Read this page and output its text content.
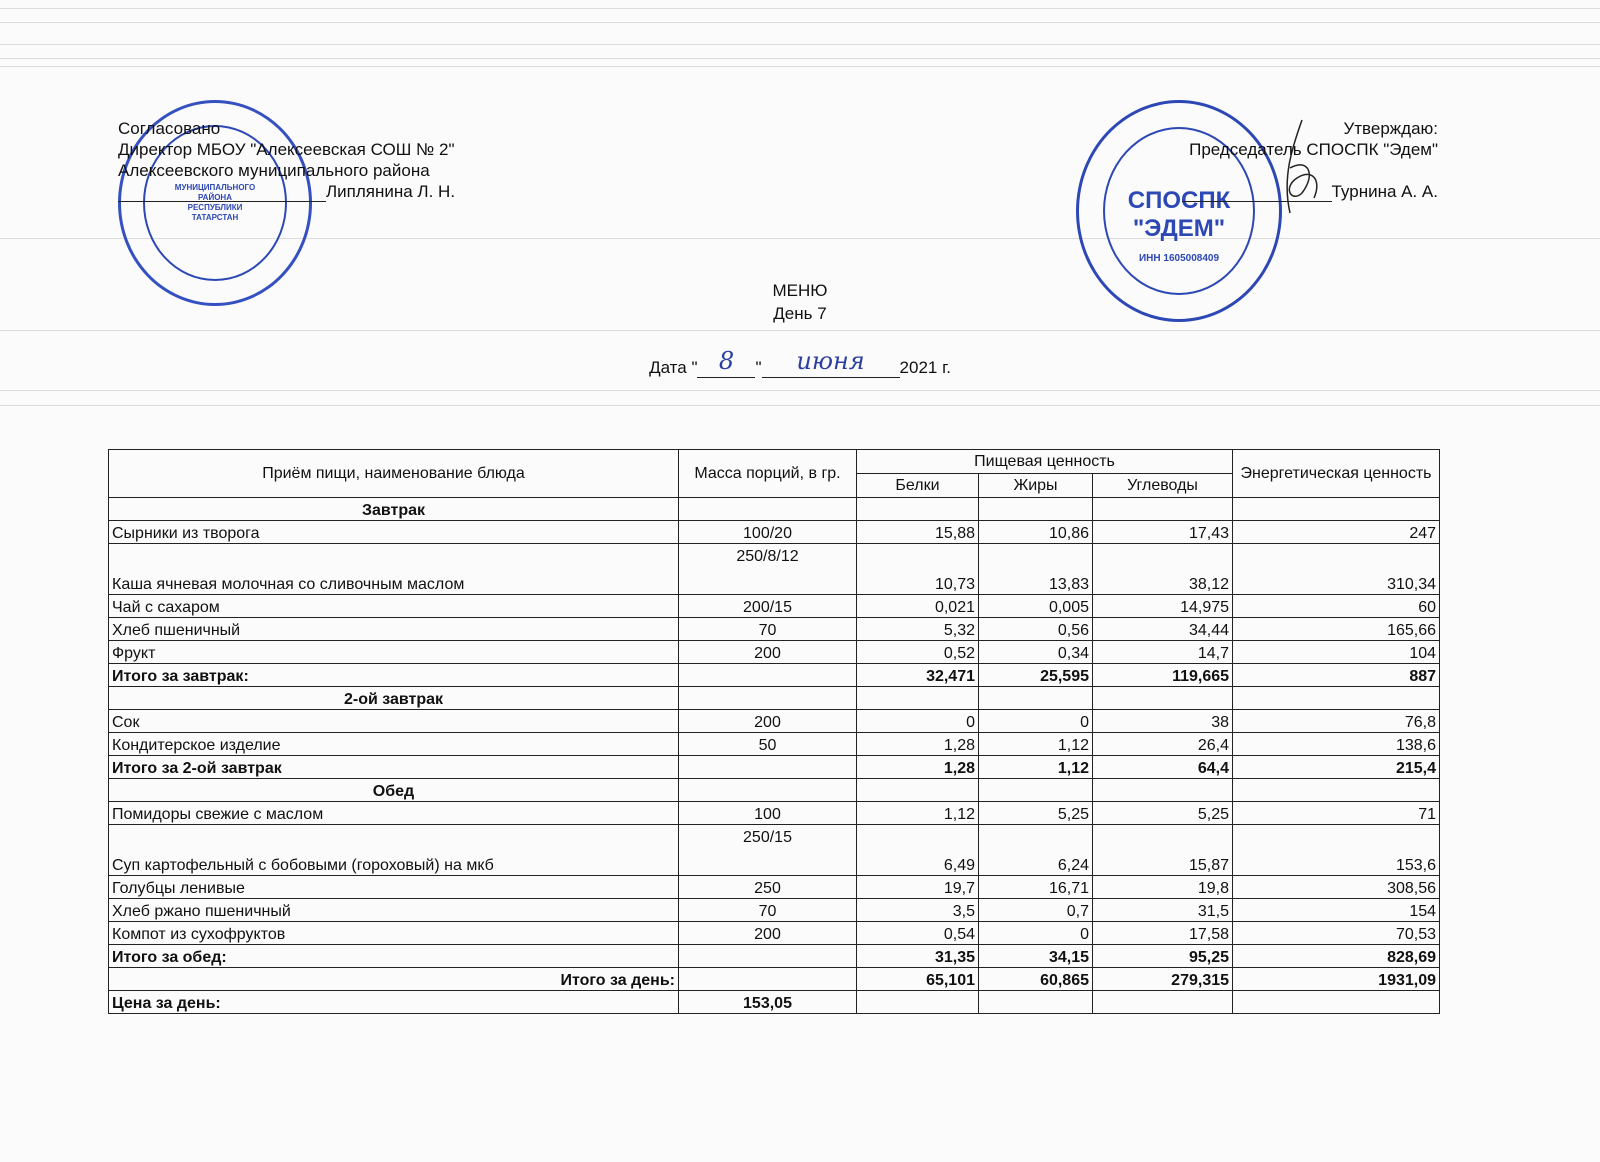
МУНИЦИПАЛЬНОГО РАЙОНА РЕСПУБЛИКИ ТАТАРСТАН
СПОСПК "ЭДЕМ"
ИНН 1605008409
Согласовано
Директор МБОУ "Алексеевская СОШ № 2"
Алексеевского муниципального района
Липлянина Л. Н.
Утверждаю:
Председатель СПОСПК "Эдем"
Турнина А. А.
МЕНЮ
День 7
Дата " 8	"	июня	2021 г.
Приём пищи, наименование блюда	Масса порций, в гр.	Пищевая ценность			Энергетическая ценность
		Белки	Жиры	Углеводы	
Завтрак					
Сырники из творога	100/20	15,88	10,86	17,43	247
Каша ячневая молочная со сливочным маслом	250/8/12	10,73	13,83	38,12	310,34
Чай с сахаром	200/15	0,021	0,005	14,975	60
Хлеб пшеничный	70	5,32	0,56	34,44	165,66
Фрукт	200	0,52	0,34	14,7	104
Итого за завтрак:		32,471	25,595	119,665	887
2-ой завтрак					
Сок	200	0	0	38	76,8
Кондитерское изделие	50	1,28	1,12	26,4	138,6
Итого за 2-ой завтрак		1,28	1,12	64,4	215,4
Обед					
Помидоры свежие с маслом	100	1,12	5,25	5,25	71
Суп картофельный с бобовыми (гороховый) на мкб	250/15	6,49	6,24	15,87	153,6
Голубцы ленивые	250	19,7	16,71	19,8	308,56
Хлеб ржано пшеничный	70	3,5	0,7	31,5	154
Компот из сухофруктов	200	0,54	0	17,58	70,53
Итого за обед:		31,35	34,15	95,25	828,69
Итого за день:		65,101	60,865	279,315	1931,09
Цена за день:	153,05				
